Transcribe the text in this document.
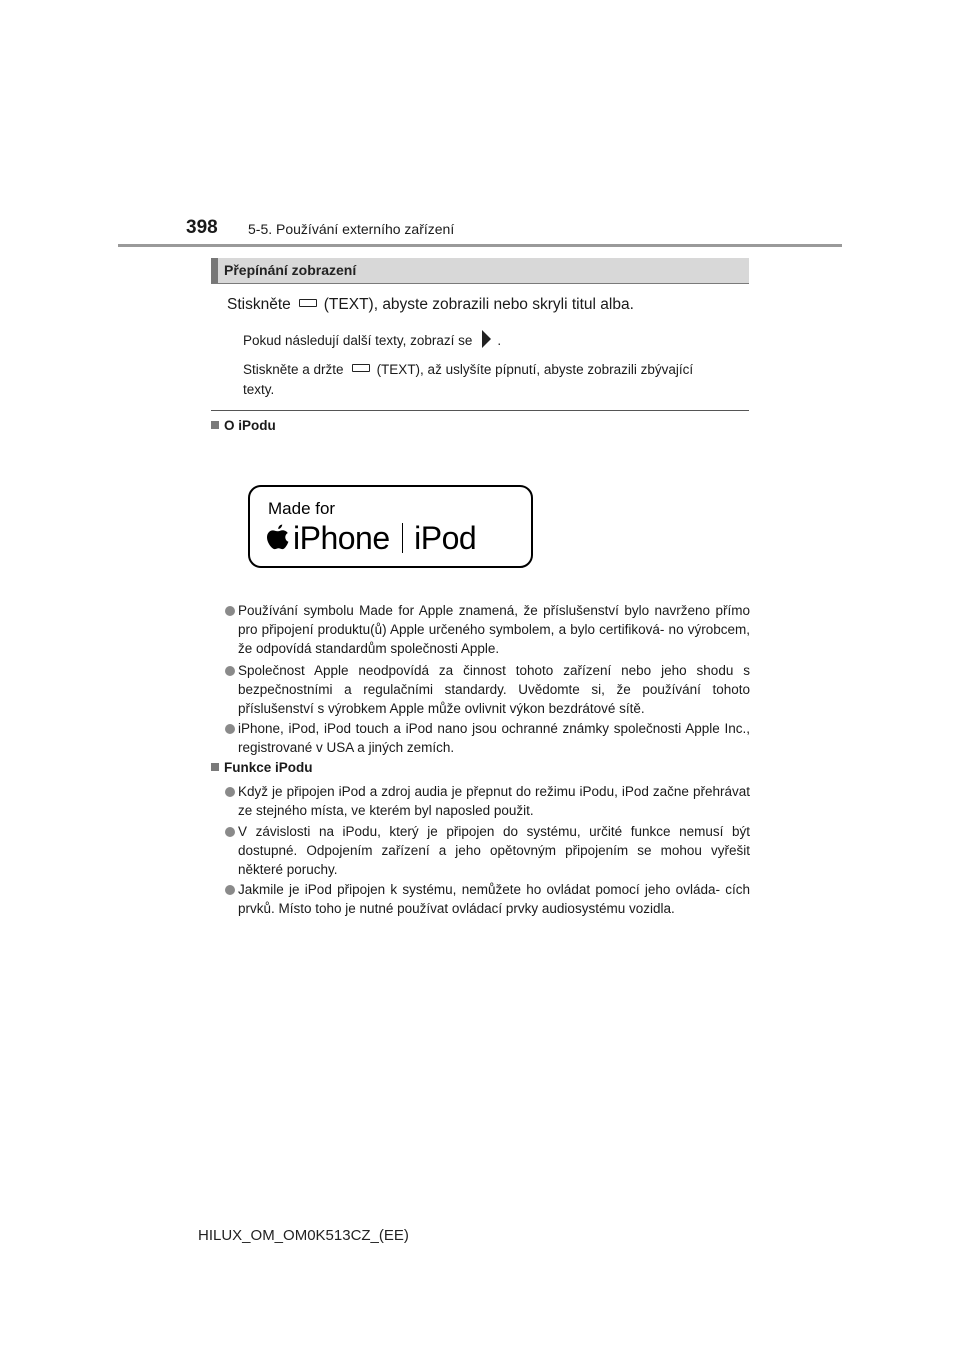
398 5-5. Používání externího zařízení
Přepínání zobrazení
Stiskněte (TEXT), abyste zobrazili nebo skryli titul alba.
Pokud následují další texty, zobrazí se .
Stiskněte a držte (TEXT), až uslyšíte pípnutí, abyste zobrazili zbývající
texty.
O iPodu
Made for
iPhone iPod
Používání symbolu Made for Apple znamená, že příslušenství bylo navrženo přímo pro připojení produktu(ů) Apple určeného symbolem, a bylo certifiková- no výrobcem, že odpovídá standardům společnosti Apple.
Společnost Apple neodpovídá za činnost tohoto zařízení nebo jeho shodu s bezpečnostními a regulačními standardy. Uvědomte si, že používání tohoto příslušenství s výrobkem Apple může ovlivnit výkon bezdrátové sítě.
iPhone, iPod, iPod touch a iPod nano jsou ochranné známky společnosti Apple Inc., registrované v USA a jiných zemích.
Funkce iPodu
Když je připojen iPod a zdroj audia je přepnut do režimu iPodu, iPod začne přehrávat ze stejného místa, ve kterém byl naposled použit.
V závislosti na iPodu, který je připojen do systému, určité funkce nemusí být dostupné. Odpojením zařízení a jeho opětovným připojením se mohou vyřešit některé poruchy.
Jakmile je iPod připojen k systému, nemůžete ho ovládat pomocí jeho ovláda- cích prvků. Místo toho je nutné používat ovládací prvky audiosystému vozidla.
HILUX_OM_OM0K513CZ_(EE)
